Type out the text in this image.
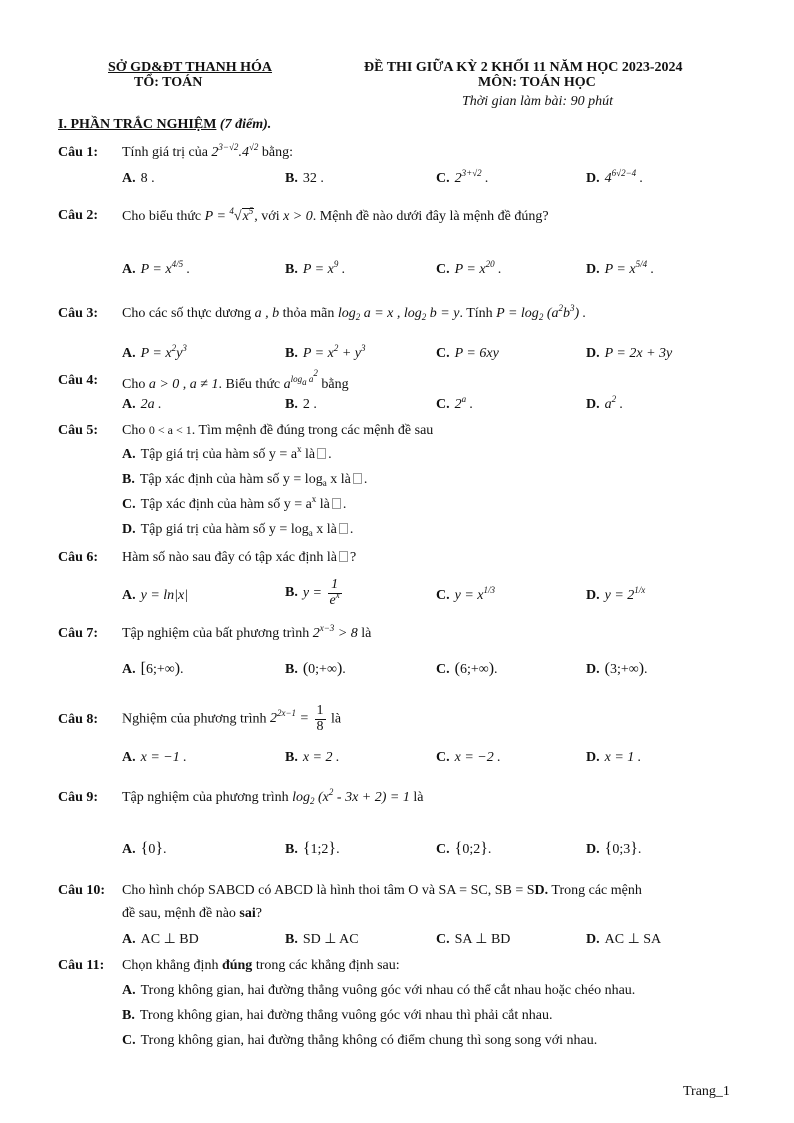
SỞ GD&ĐT THANH HÓA
TỔ: TOÁN
ĐỀ THI GIỮA KỲ 2 KHỐI 11 NĂM HỌC 2023-2024
MÔN: TOÁN HỌC
Thời gian làm bài: 90 phút
I. PHẦN TRẮC NGHIỆM (7 điểm).
Câu 1: Tính giá trị của $2^{3-√2}.4^{√2}$ bằng:
A. 8 .	B. 32 .	C. $2^{3+√2}$ .	D. $4^{6√2-4}$ .
Câu 2: Cho biểu thức $P = ^4√x^5$, với x > 0. Mệnh đề nào dưới đây là mệnh đề đúng?
A. $P = x^{4/5}$ .	B. $P = x^9$ .	C. $P = x^{20}$ .	D. $P = x^{5/4}$ .
Câu 3: Cho các số thực dương a , b thỏa mãn $\log_2 a = x$ , $\log_2 b = y$. Tính $P = \log_2 (a^2b^3)$ .
A. $P = x^2y^3$	B. $P = x^2 + y^3$	C. P = 6xy	D. P = 2x + 3y
Câu 4: Cho a > 0 , a ≠ 1. Biểu thức $a^{log_a a^2}$ bằng
A. 2a .	B. 2 .	C. 2$^a$ .	D. $a^2$ .
Câu 5: Cho 0 < a < 1. Tìm mệnh đề đúng trong các mệnh đề sau
A. Tập giá trị của hàm số $y = a^x$ là .
B. Tập xác định của hàm số $y = \log_a x$ là .
C. Tập xác định của hàm số $y = a^x$ là .
D. Tập giá trị của hàm số $y = \log_a x$ là .
Câu 6: Hàm số nào sau đây có tập xác định là ?
A. y = ln|x|	B. $y = \frac{1}{e^x}$	C. $y = x^{1/3}$	D. $y = 2^{1/x}$
Câu 7: Tập nghiệm của bất phương trình $2^{x-3} > 8$ là
A. [6;+∞).	B. (0;+∞).	C. (6;+∞).	D. (3;+∞).
Câu 8: Nghiệm của phương trình $2^{2x-1} = \frac{1}{8}$ là
A. x = −1 .	B. x = 2 .	C. x = −2 .	D. x = 1 .
Câu 9: Tập nghiệm của phương trình $\log_2 (x^2 - 3x + 2) = 1$ là
A. {0}.	B. {1;2}.	C. {0;2}.	D. {0;3}.
Câu 10: Cho hình chóp SABCD có ABCD là hình thoi tâm O và SA = SC, SB = SD. Trong các mệnh
đề sau, mệnh đề nào sai?
A. AC ⊥ BD	B. SD ⊥ AC	C. SA ⊥ BD	D. AC ⊥ SA
Câu 11: Chọn khẳng định đúng trong các khẳng định sau:
A. Trong không gian, hai đường thẳng vuông góc với nhau có thể cắt nhau hoặc chéo nhau.
B. Trong không gian, hai đường thẳng vuông góc với nhau thì phải cắt nhau.
C. Trong không gian, hai đường thẳng không có điểm chung thì song song với nhau.
Trang_1
